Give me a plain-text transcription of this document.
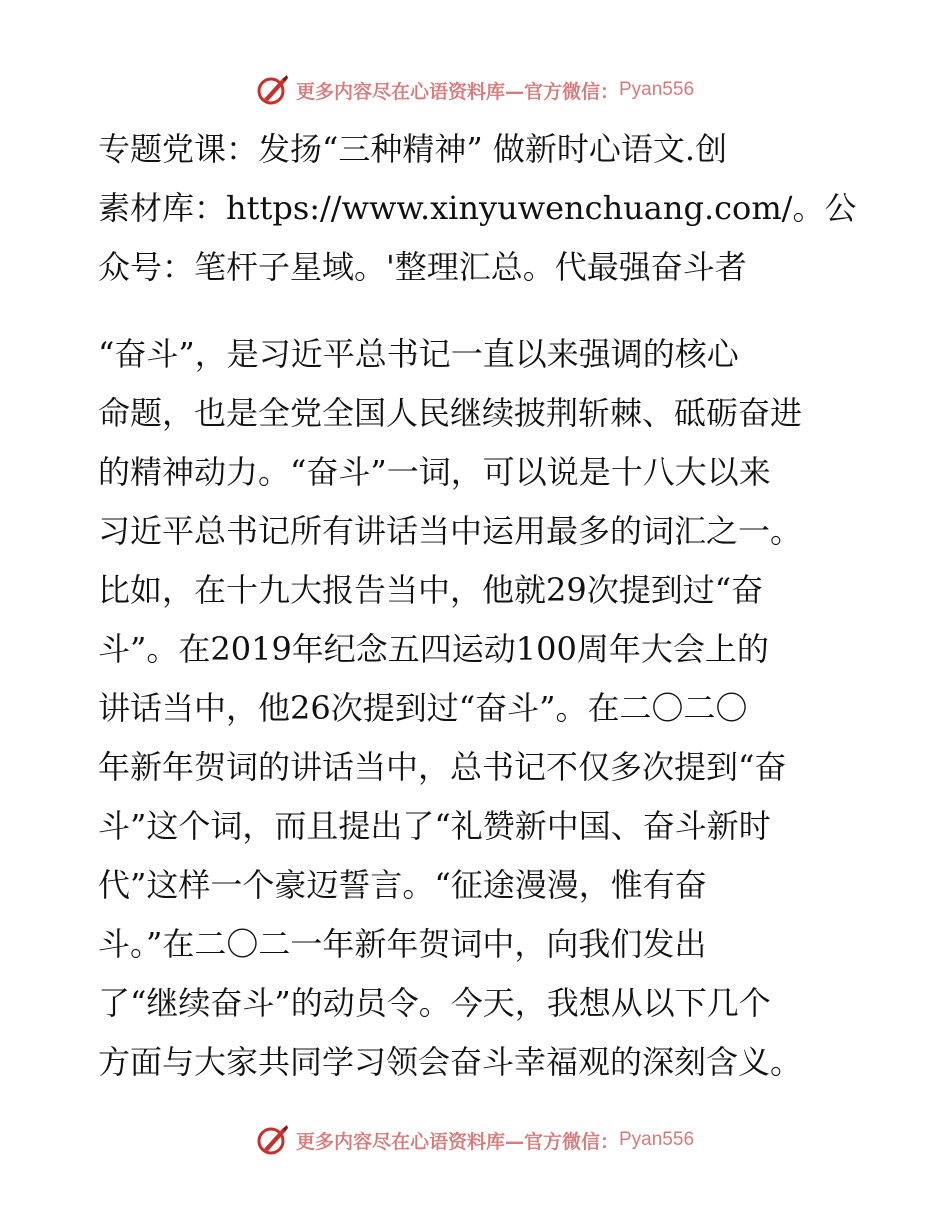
更多内容尽在心语资料库—官方微信： Pyan556
专题党课：发扬“三种精神” 做新时心语文.创
素材库：https://www.xinyuwenchuang.com/。公
众号：笔杆子星域。'整理汇总。代最强奋斗者
“奋斗”，是习近平总书记一直以来强调的核心
命题，也是全党全国人民继续披荆斩棘、砥砺奋进
的精神动力。“奋斗”一词，可以说是十八大以来
习近平总书记所有讲话当中运用最多的词汇之一。
比如，在十九大报告当中，他就29次提到过“奋
斗”。在2019年纪念五四运动100周年大会上的
讲话当中，他26次提到过“奋斗”。在二〇二〇
年新年贺词的讲话当中，总书记不仅多次提到“奋
斗”这个词，而且提出了“礼赞新中国、奋斗新时
代”这样一个豪迈誓言。“征途漫漫，惟有奋
斗。”在二〇二一年新年贺词中，向我们发出
了“继续奋斗”的动员令。今天，我想从以下几个
方面与大家共同学习领会奋斗幸福观的深刻含义。
更多内容尽在心语资料库—官方微信： Pyan556
